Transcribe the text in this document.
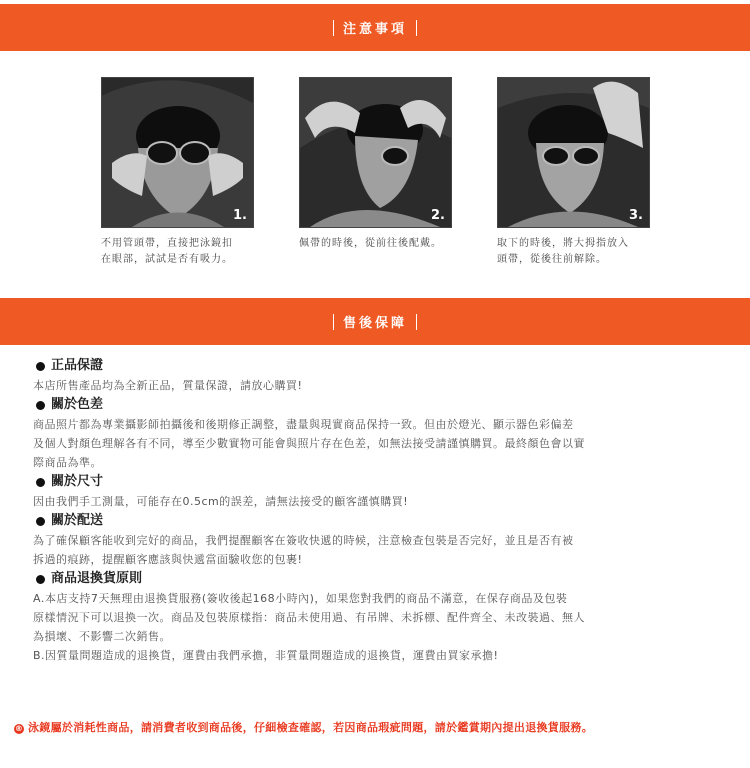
注意事項
1.	2.	3.
不用管頭帶，直接把泳鏡扣
在眼部，試試是否有吸力。
佩帶的時後，從前往後配戴。	取下的時後，將大拇指放入
頭帶，從後往前解除。
售後保障
正品保證
本店所售產品均為全新正品，質量保證，請放心購買!
關於色差
商品照片都為專業攝影師拍攝後和後期修正調整，盡量與現實商品保持一致。但由於燈光、顯示器色彩偏差
及個人對顏色理解各有不同，導至少數實物可能會與照片存在色差，如無法接受請謹慎購買。最終顏色會以實
際商品為準。
關於尺寸
因由我們手工測量，可能存在0.5cm的誤差，請無法接受的顧客謹慎購買!
關於配送
為了確保顧客能收到完好的商品，我們提醒顧客在簽收快遞的時候，注意檢查包裝是否完好，並且是否有被
拆過的痕跡，提醒顧客應該與快遞當面驗收您的包裹!
商品退換貨原則
A.本店支持7天無理由退換貨服務(簽收後起168小時內)，如果您對我們的商品不滿意，在保存商品及包裝
原樣情況下可以退換一次。商品及包裝原樣指：商品未使用過、有吊牌、未拆標、配件齊全、未改裝過、無人
為損壞、不影響二次銷售。
B.因質量問題造成的退換貨，運費由我們承擔，非質量問題造成的退換貨，運費由買家承擔!
® 泳鏡屬於消耗性商品，請消費者收到商品後，仔細檢查確認，若因商品瑕疵問題，請於鑑賞期內提出退換貨服務。
